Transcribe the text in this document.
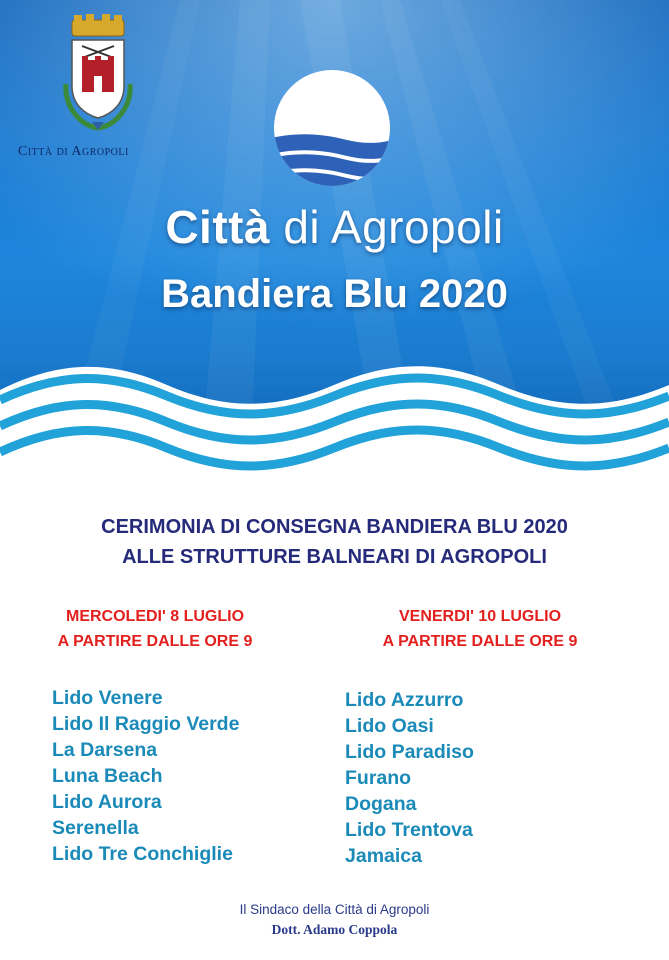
Città di Agropoli
Città di Agropoli
Bandiera Blu 2020
CERIMONIA DI CONSEGNA BANDIERA BLU 2020
ALLE STRUTTURE BALNEARI DI AGROPOLI
MERCOLEDI' 8 LUGLIO
A PARTIRE DALLE ORE 9
VENERDI' 10 LUGLIO
A PARTIRE DALLE ORE 9
Lido Venere
Lido Il Raggio Verde
La Darsena
Luna Beach
Lido Aurora
Serenella
Lido Tre Conchiglie
Lido Azzurro
Lido Oasi
Lido Paradiso
Furano
Dogana
Lido Trentova
Jamaica
Il Sindaco della Città di Agropoli
Dott. Adamo Coppola
